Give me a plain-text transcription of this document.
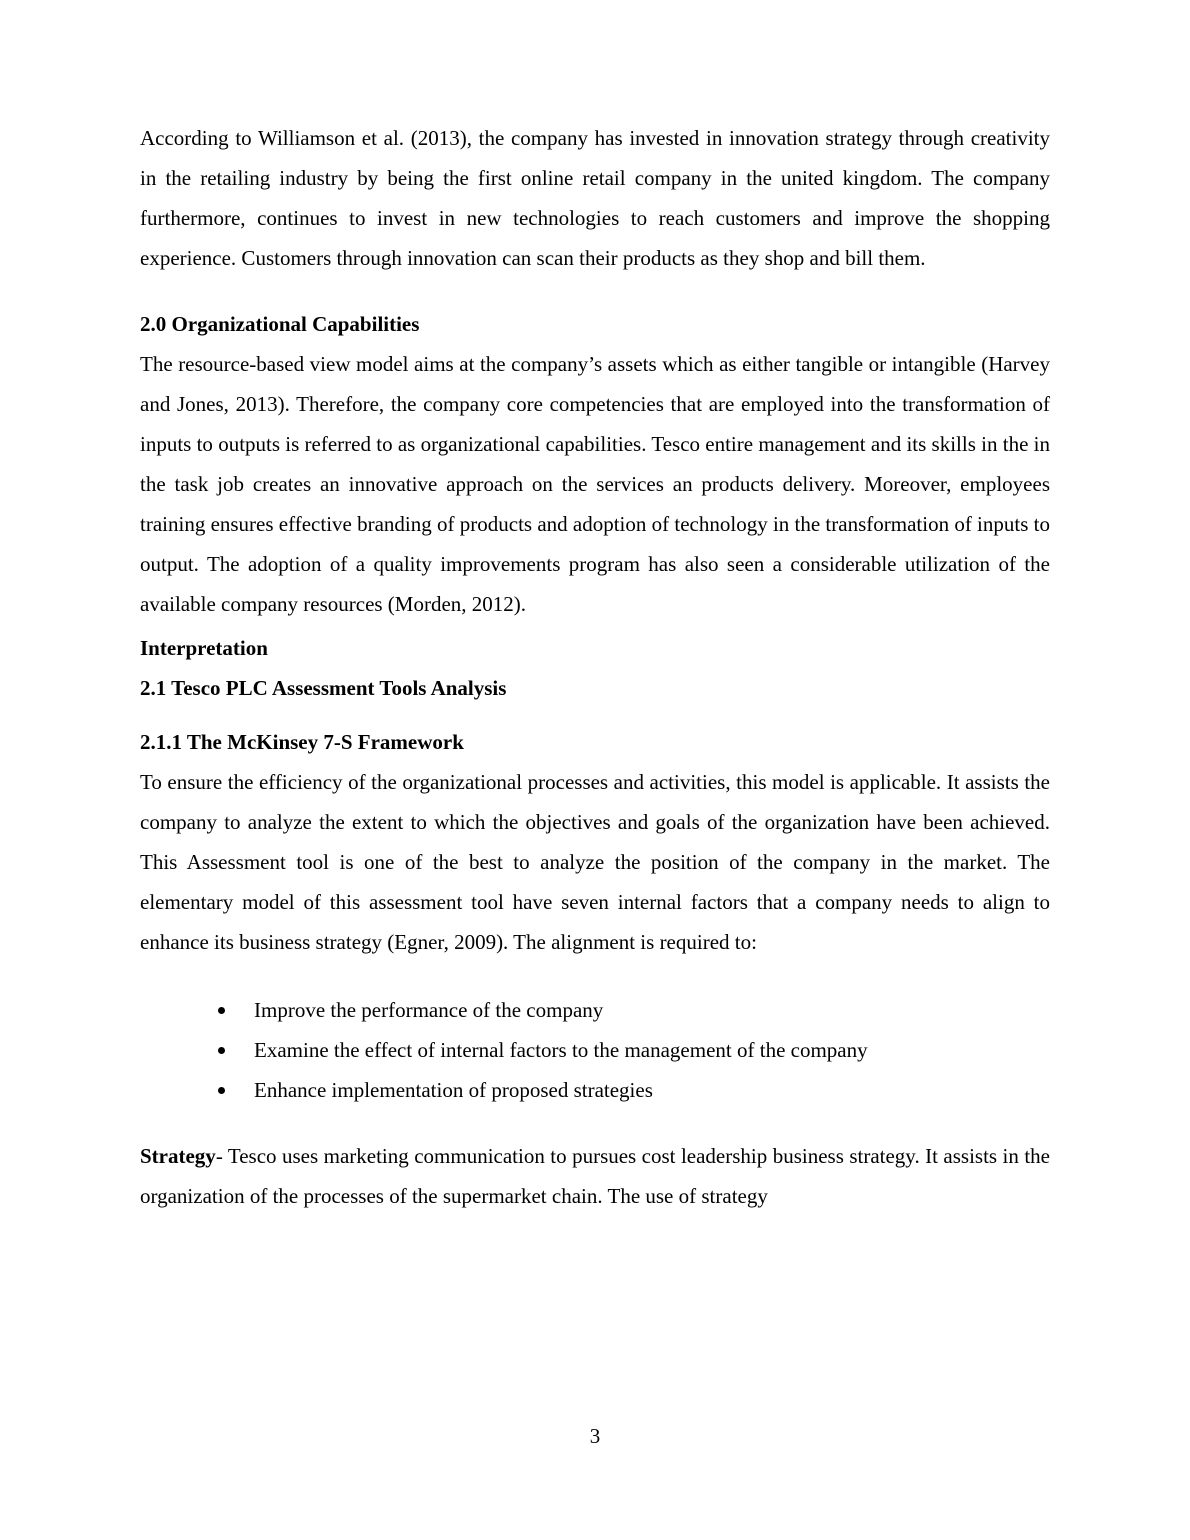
According to Williamson et al. (2013), the company has invested in innovation strategy through creativity in the retailing industry by being the first online retail company in the united kingdom. The company furthermore, continues to invest in new technologies to reach customers and improve the shopping experience. Customers through innovation can scan their products as they shop and bill them.

2.0 Organizational Capabilities

The resource-based view model aims at the company’s assets which as either tangible or intangible (Harvey and Jones, 2013). Therefore, the company core competencies that are employed into the transformation of inputs to outputs is referred to as organizational capabilities. Tesco entire management and its skills in the in the task job creates an innovative approach on the services an products delivery. Moreover, employees training ensures effective branding of products and adoption of technology in the transformation of inputs to output. The adoption of a quality improvements program has also seen a considerable utilization of the available company resources (Morden, 2012).

Interpretation
2.1 Tesco PLC Assessment Tools Analysis
2.1.1 The McKinsey 7-S Framework

To ensure the efficiency of the organizational processes and activities, this model is applicable. It assists the company to analyze the extent to which the objectives and goals of the organization have been achieved. This Assessment tool is one of the best to analyze the position of the company in the market. The elementary model of this assessment tool have seven internal factors that a company needs to align to enhance its business strategy (Egner, 2009). The alignment is required to:

Improve the performance of the company
Examine the effect of internal factors to the management of the company
Enhance implementation of proposed strategies

Strategy- Tesco uses marketing communication to pursues cost leadership business strategy. It assists in the organization of the processes of the supermarket chain. The use of strategy

3
